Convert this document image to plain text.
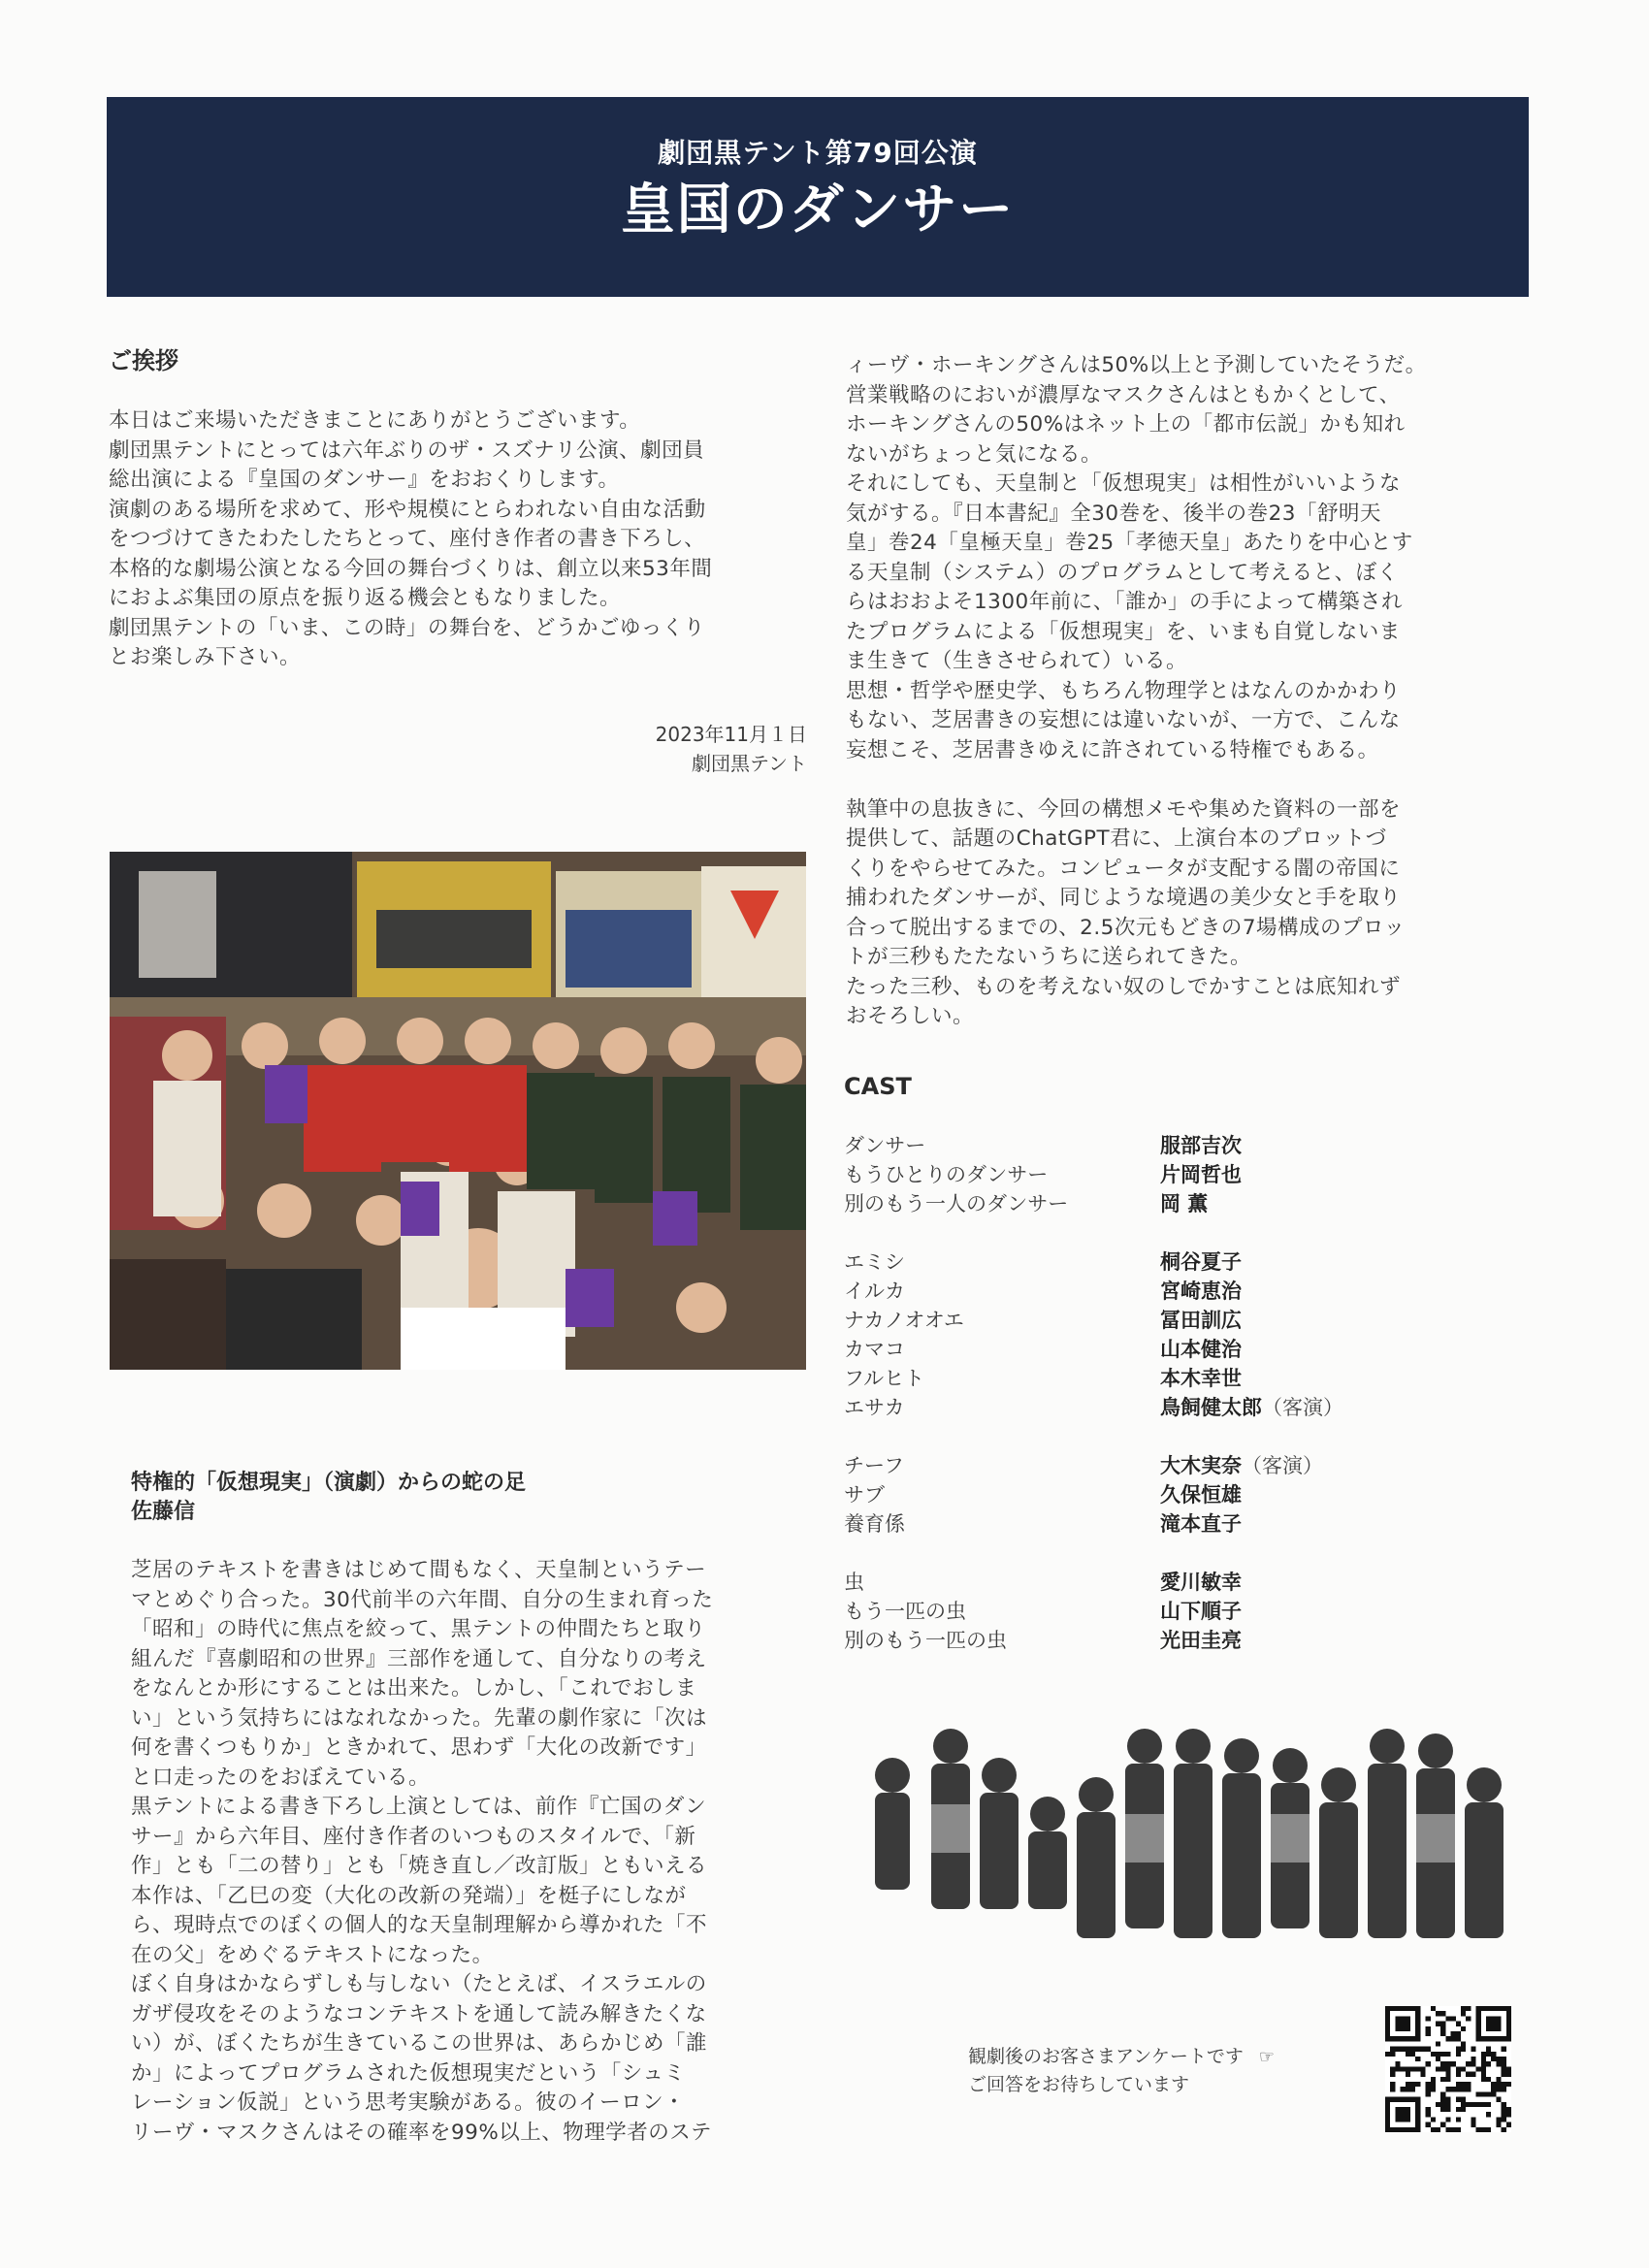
劇団黒テント第79回公演
皇国のダンサー
ご挨拶
本日はご来場いただきまことにありがとうございます。
劇団黒テントにとっては六年ぶりのザ・スズナリ公演、劇団員
総出演による『皇国のダンサー』をおおくりします。
演劇のある場所を求めて、形や規模にとらわれない自由な活動
をつづけてきたわたしたちとって、座付き作者の書き下ろし、
本格的な劇場公演となる今回の舞台づくりは、創立以来53年間
におよぶ集団の原点を振り返る機会ともなりました。
劇団黒テントの「いま、この時」の舞台を、どうかごゆっくり
とお楽しみ下さい。
2023年11月１日
劇団黒テント
特権的「仮想現実」（演劇）からの蛇の足
佐藤信
芝居のテキストを書きはじめて間もなく、天皇制というテー
マとめぐり合った。30代前半の六年間、自分の生まれ育った
「昭和」の時代に焦点を絞って、黒テントの仲間たちと取り
組んだ『喜劇昭和の世界』三部作を通して、自分なりの考え
をなんとか形にすることは出来た。しかし、「これでおしま
い」という気持ちにはなれなかった。先輩の劇作家に「次は
何を書くつもりか」ときかれて、思わず「大化の改新です」
と口走ったのをおぼえている。
黒テントによる書き下ろし上演としては、前作『亡国のダン
サー』から六年目、座付き作者のいつものスタイルで、「新
作」とも「二の替り」とも「焼き直し／改訂版」ともいえる
本作は、「乙巳の変（大化の改新の発端）」を梃子にしなが
ら、現時点でのぼくの個人的な天皇制理解から導かれた「不
在の父」をめぐるテキストになった。
ぼく自身はかならずしも与しない（たとえば、イスラエルの
ガザ侵攻をそのようなコンテキストを通して読み解きたくな
い）が、ぼくたちが生きているこの世界は、あらかじめ「誰
か」によってプログラムされた仮想現実だという「シュミ
レーション仮説」という思考実験がある。彼のイーロン・
リーヴ・マスクさんはその確率を99%以上、物理学者のステ
ィーヴ・ホーキングさんは50%以上と予測していたそうだ。
営業戦略のにおいが濃厚なマスクさんはともかくとして、
ホーキングさんの50%はネット上の「都市伝説」かも知れ
ないがちょっと気になる。
それにしても、天皇制と「仮想現実」は相性がいいような
気がする。『日本書紀』全30巻を、後半の巻23「舒明天
皇」巻24「皇極天皇」巻25「孝徳天皇」あたりを中心とす
る天皇制（システム）のプログラムとして考えると、ぼく
らはおおよそ1300年前に、「誰か」の手によって構築され
たプログラムによる「仮想現実」を、いまも自覚しないま
ま生きて（生きさせられて）いる。
思想・哲学や歴史学、もちろん物理学とはなんのかかわり
もない、芝居書きの妄想には違いないが、一方で、こんな
妄想こそ、芝居書きゆえに許されている特権でもある。

執筆中の息抜きに、今回の構想メモや集めた資料の一部を
提供して、話題のChatGPT君に、上演台本のプロットづ
くりをやらせてみた。コンピュータが支配する闇の帝国に
捕われたダンサーが、同じような境遇の美少女と手を取り
合って脱出するまでの、2.5次元もどきの7場構成のプロッ
トが三秒もたたないうちに送られてきた。
たった三秒、ものを考えない奴のしでかすことは底知れず
おそろしい。
CAST
ダンサー	服部吉次
もうひとりのダンサー	片岡哲也
別のもう一人のダンサー	岡 薫
エミシ	桐谷夏子
イルカ	宮崎恵治
ナカノオオエ	冨田訓広
カマコ	山本健治
フルヒト	本木幸世
エサカ	鳥飼健太郎（客演）
チーフ	大木実奈（客演）
サブ	久保恒雄
養育係	滝本直子
虫	愛川敏幸
もう一匹の虫	山下順子
別のもう一匹の虫	光田圭亮
観劇後のお客さまアンケートです ☞
ご回答をお待ちしています
